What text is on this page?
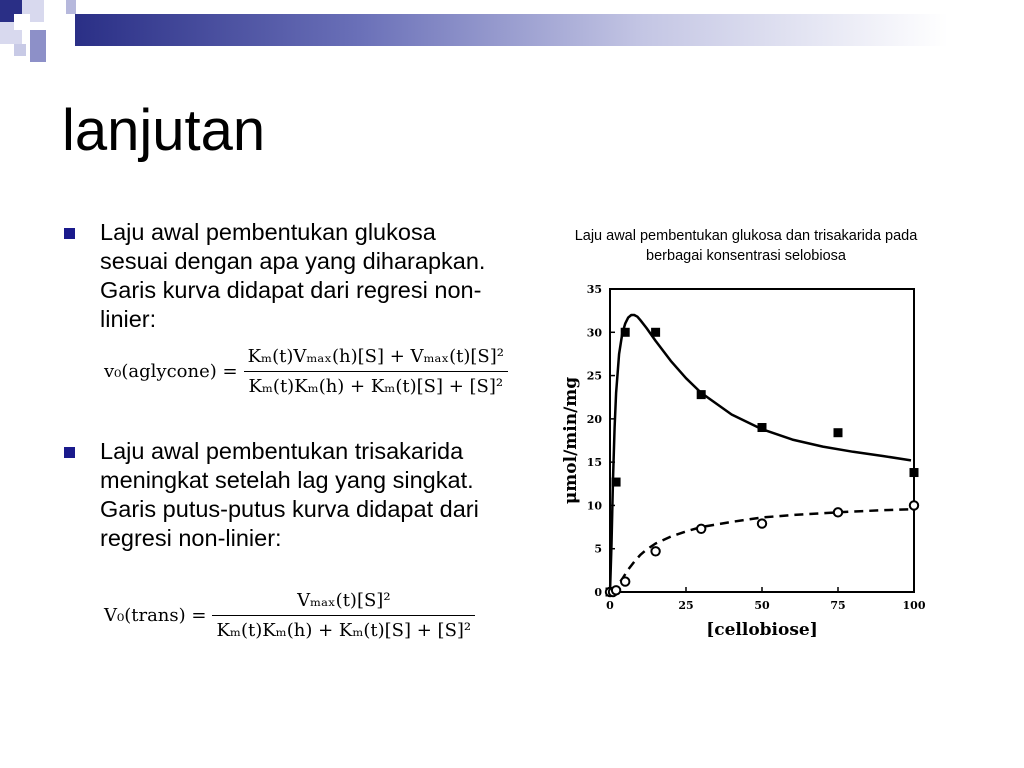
lanjutan
Laju awal pembentukan glukosa sesuai dengan apa yang diharapkan. Garis kurva didapat dari regresi non-linier:
Laju awal pembentukan trisakarida meningkat setelah lag yang singkat. Garis putus-putus kurva didapat dari regresi non-linier:
v₀(aglycone) = $\frac{\text{Kₘ(t)Vₘₐₓ(h)[S] + Vₘₐₓ(t)[S]²}}{\text{Kₘ(t)Kₘ(h) + Kₘ(t)[S] + [S]²}}$
V₀(trans) = $\frac{\text{Vₘₐₓ(t)[S]²}}{\text{Kₘ(t)Kₘ(h) + Kₘ(t)[S] + [S]²}}$
Laju awal pembentukan glukosa dan trisakarida pada berbagai konsentrasi selobiosa
0
5
10
15
20
25
30
35
0	25	50	75	100
[cellobiose]
μmol/min/mg
